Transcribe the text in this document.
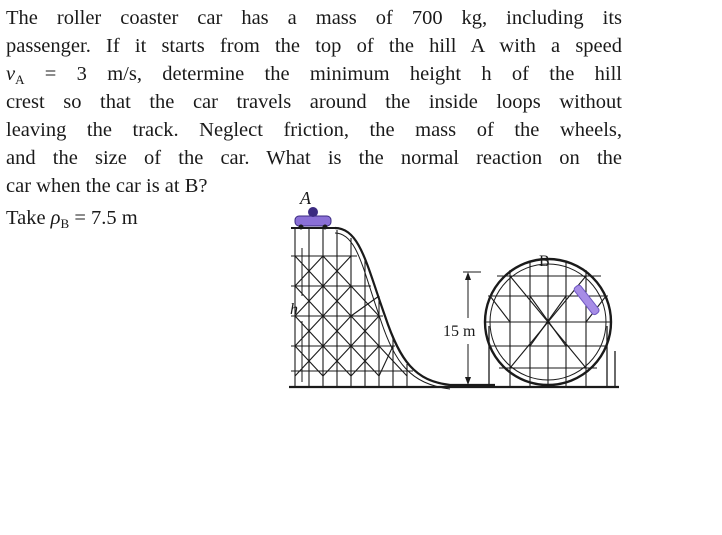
The roller coaster car has a mass of 700 kg, including its
passenger. If it starts from the top of the hill A with a speed
$v_A = 3$ m/s, determine the minimum height h of the hill
crest so that the car travels around the inside loops without
leaving the track. Neglect friction, the mass of the wheels,
and the size of the car. What is the normal reaction on the
car when the car is at B?
Take $\rho_B = 7.5$ m
A
B
h
15 m
